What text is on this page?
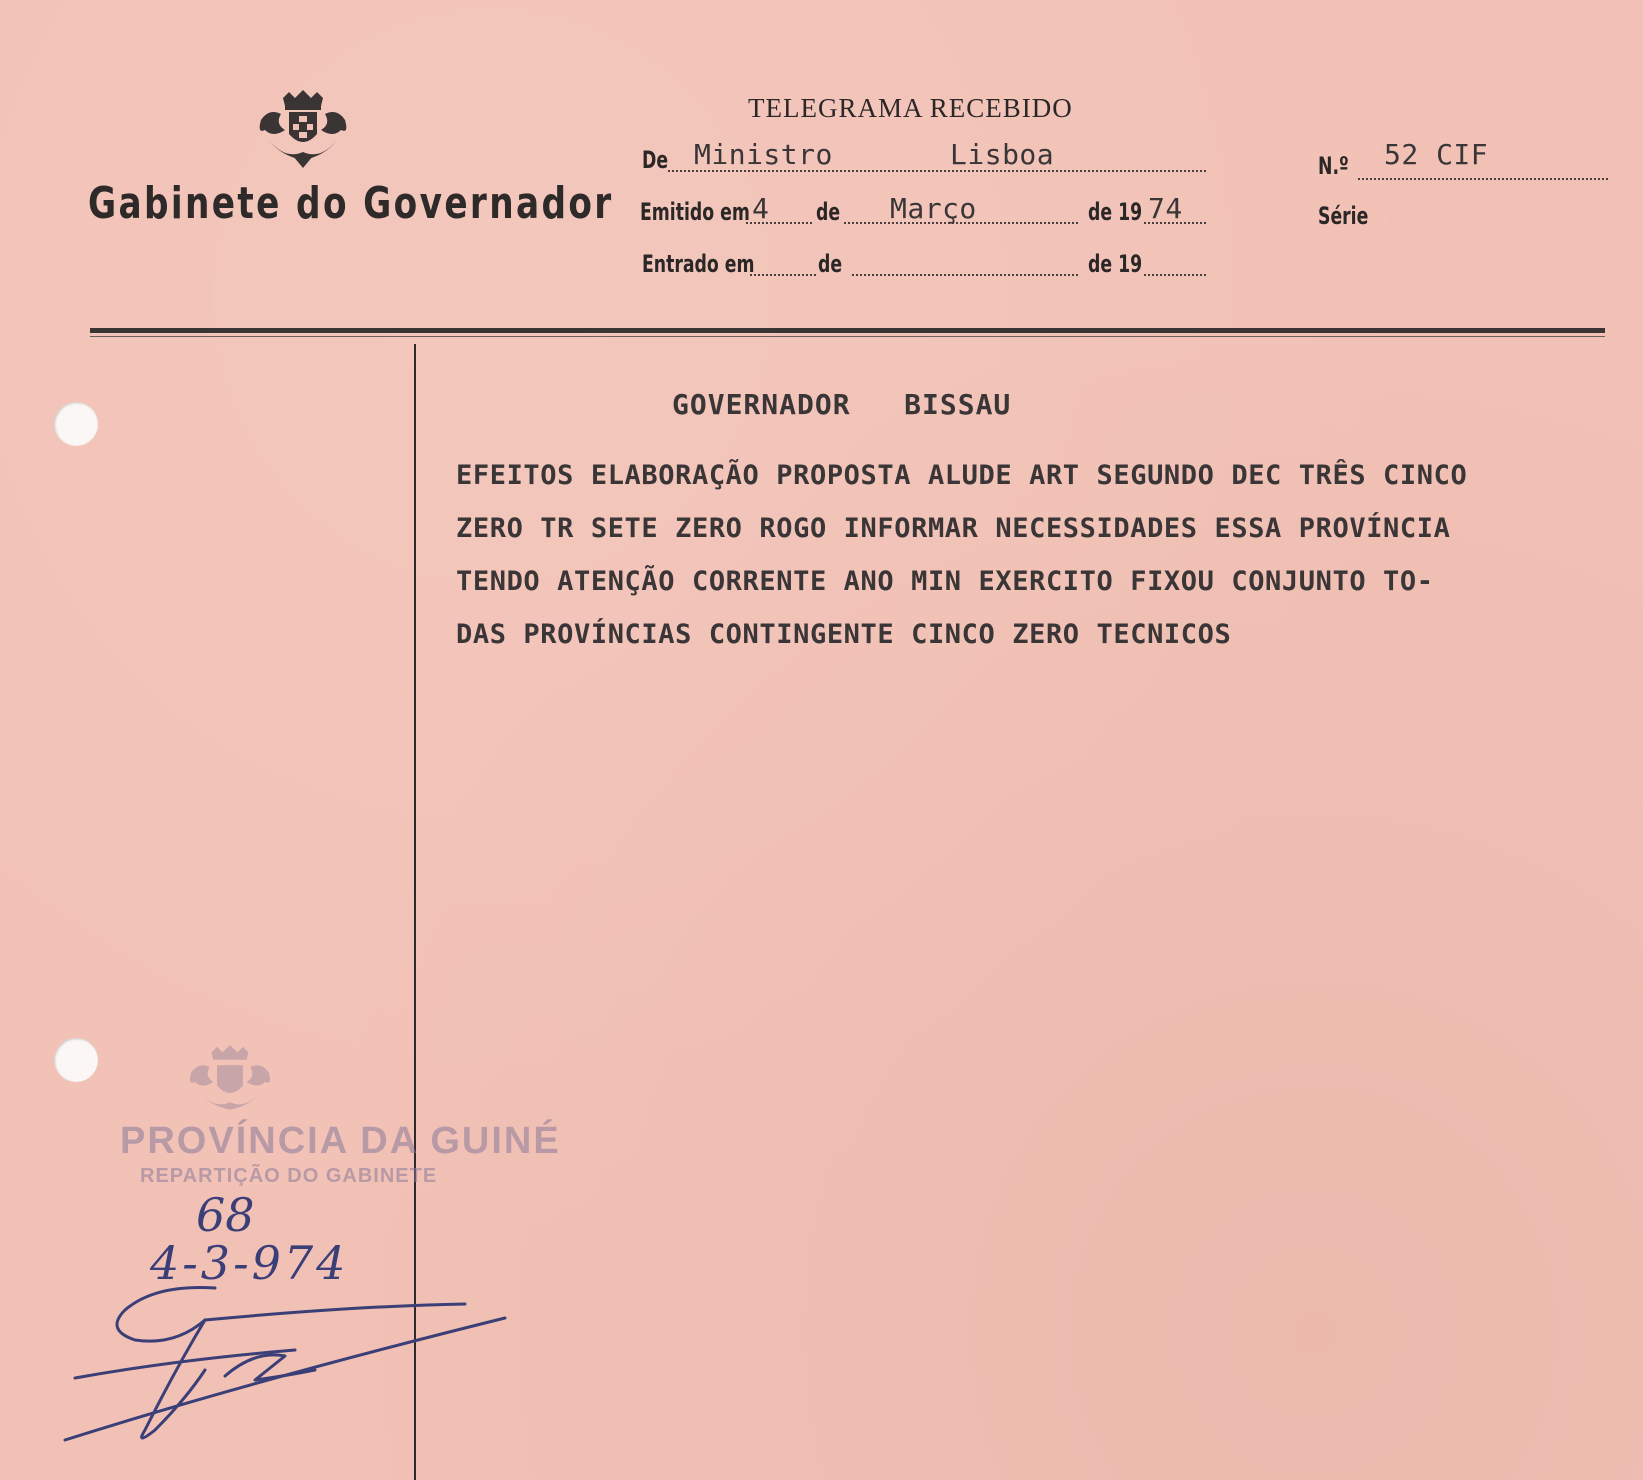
Gabinete do Governador
TELEGRAMA RECEBIDO
De Ministro	Lisboa
Emitido em 4 de Março	de 19 74
Entrado em	de	de 19
N.º 52 CIF
Série
GOVERNADOR   BISSAU
EFEITOS ELABORAÇÃO PROPOSTA ALUDE ART SEGUNDO DEC TRÊS CINCO
ZERO TR SETE ZERO ROGO INFORMAR NECESSIDADES ESSA PROVÍNCIA
TENDO ATENÇÃO CORRENTE ANO MIN EXERCITO FIXOU CONJUNTO TO-
DAS PROVÍNCIAS CONTINGENTE CINCO ZERO TECNICOS
PROVÍNCIA DA GUINÉ
REPARTIÇÃO DO GABINETE
68
4-3-974
